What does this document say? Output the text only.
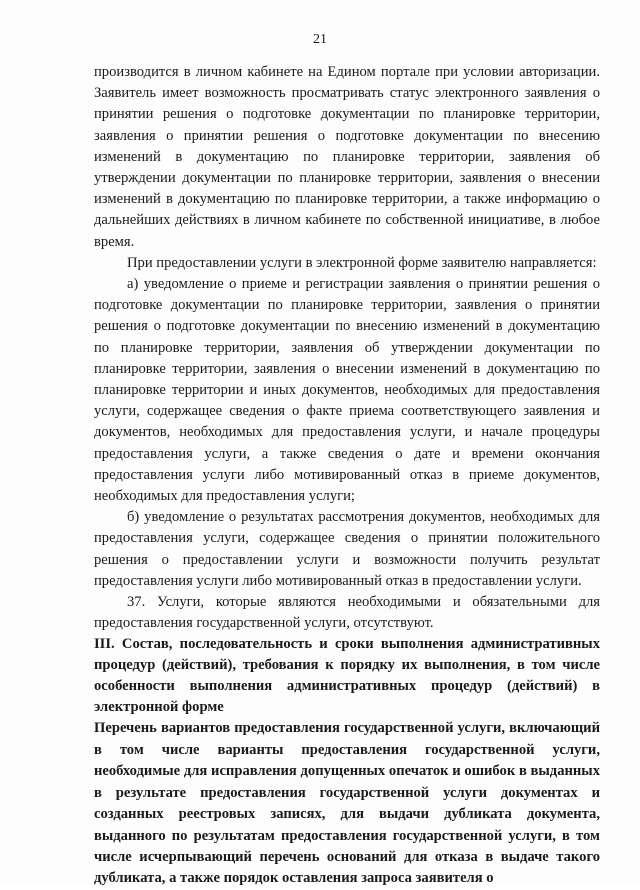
21

производится в личном кабинете на Едином портале при условии авторизации. Заявитель имеет возможность просматривать статус электронного заявления о принятии решения о подготовке документации по планировке территории, заявления о принятии решения о подготовке документации по внесению изменений в документацию по планировке территории, заявления об утверждении документации по планировке территории, заявления о внесении изменений в документацию по планировке территории, а также информацию о дальнейших действиях в личном кабинете по собственной инициативе, в любое время.

При предоставлении услуги в электронной форме заявителю направляется:

а) уведомление о приеме и регистрации заявления о принятии решения о подготовке документации по планировке территории, заявления о принятии решения о подготовке документации по внесению изменений в документацию по планировке территории, заявления об утверждении документации по планировке территории, заявления о внесении изменений в документацию по планировке территории и иных документов, необходимых для предоставления услуги, содержащее сведения о факте приема соответствующего заявления и документов, необходимых для предоставления услуги, и начале процедуры предоставления услуги, а также сведения о дате и времени окончания предоставления услуги либо мотивированный отказ в приеме документов, необходимых для предоставления услуги;

б) уведомление о результатах рассмотрения документов, необходимых для предоставления услуги, содержащее сведения о принятии положительного решения о предоставлении услуги и возможности получить результат предоставления услуги либо мотивированный отказ в предоставлении услуги.

37. Услуги, которые являются необходимыми и обязательными для предоставления государственной услуги, отсутствуют.

III. Состав, последовательность и сроки выполнения административных процедур (действий), требования к порядку их выполнения, в том числе особенности выполнения административных процедур (действий) в электронной форме

Перечень вариантов предоставления государственной услуги, включающий в том числе варианты предоставления государственной услуги, необходимые для исправления допущенных опечаток и ошибок в выданных в результате предоставления государственной услуги документах и созданных реестровых записях, для выдачи дубликата документа, выданного по результатам предоставления государственной услуги, в том числе исчерпывающий перечень оснований для отказа в выдаче такого дубликата, а также порядок оставления запроса заявителя о
